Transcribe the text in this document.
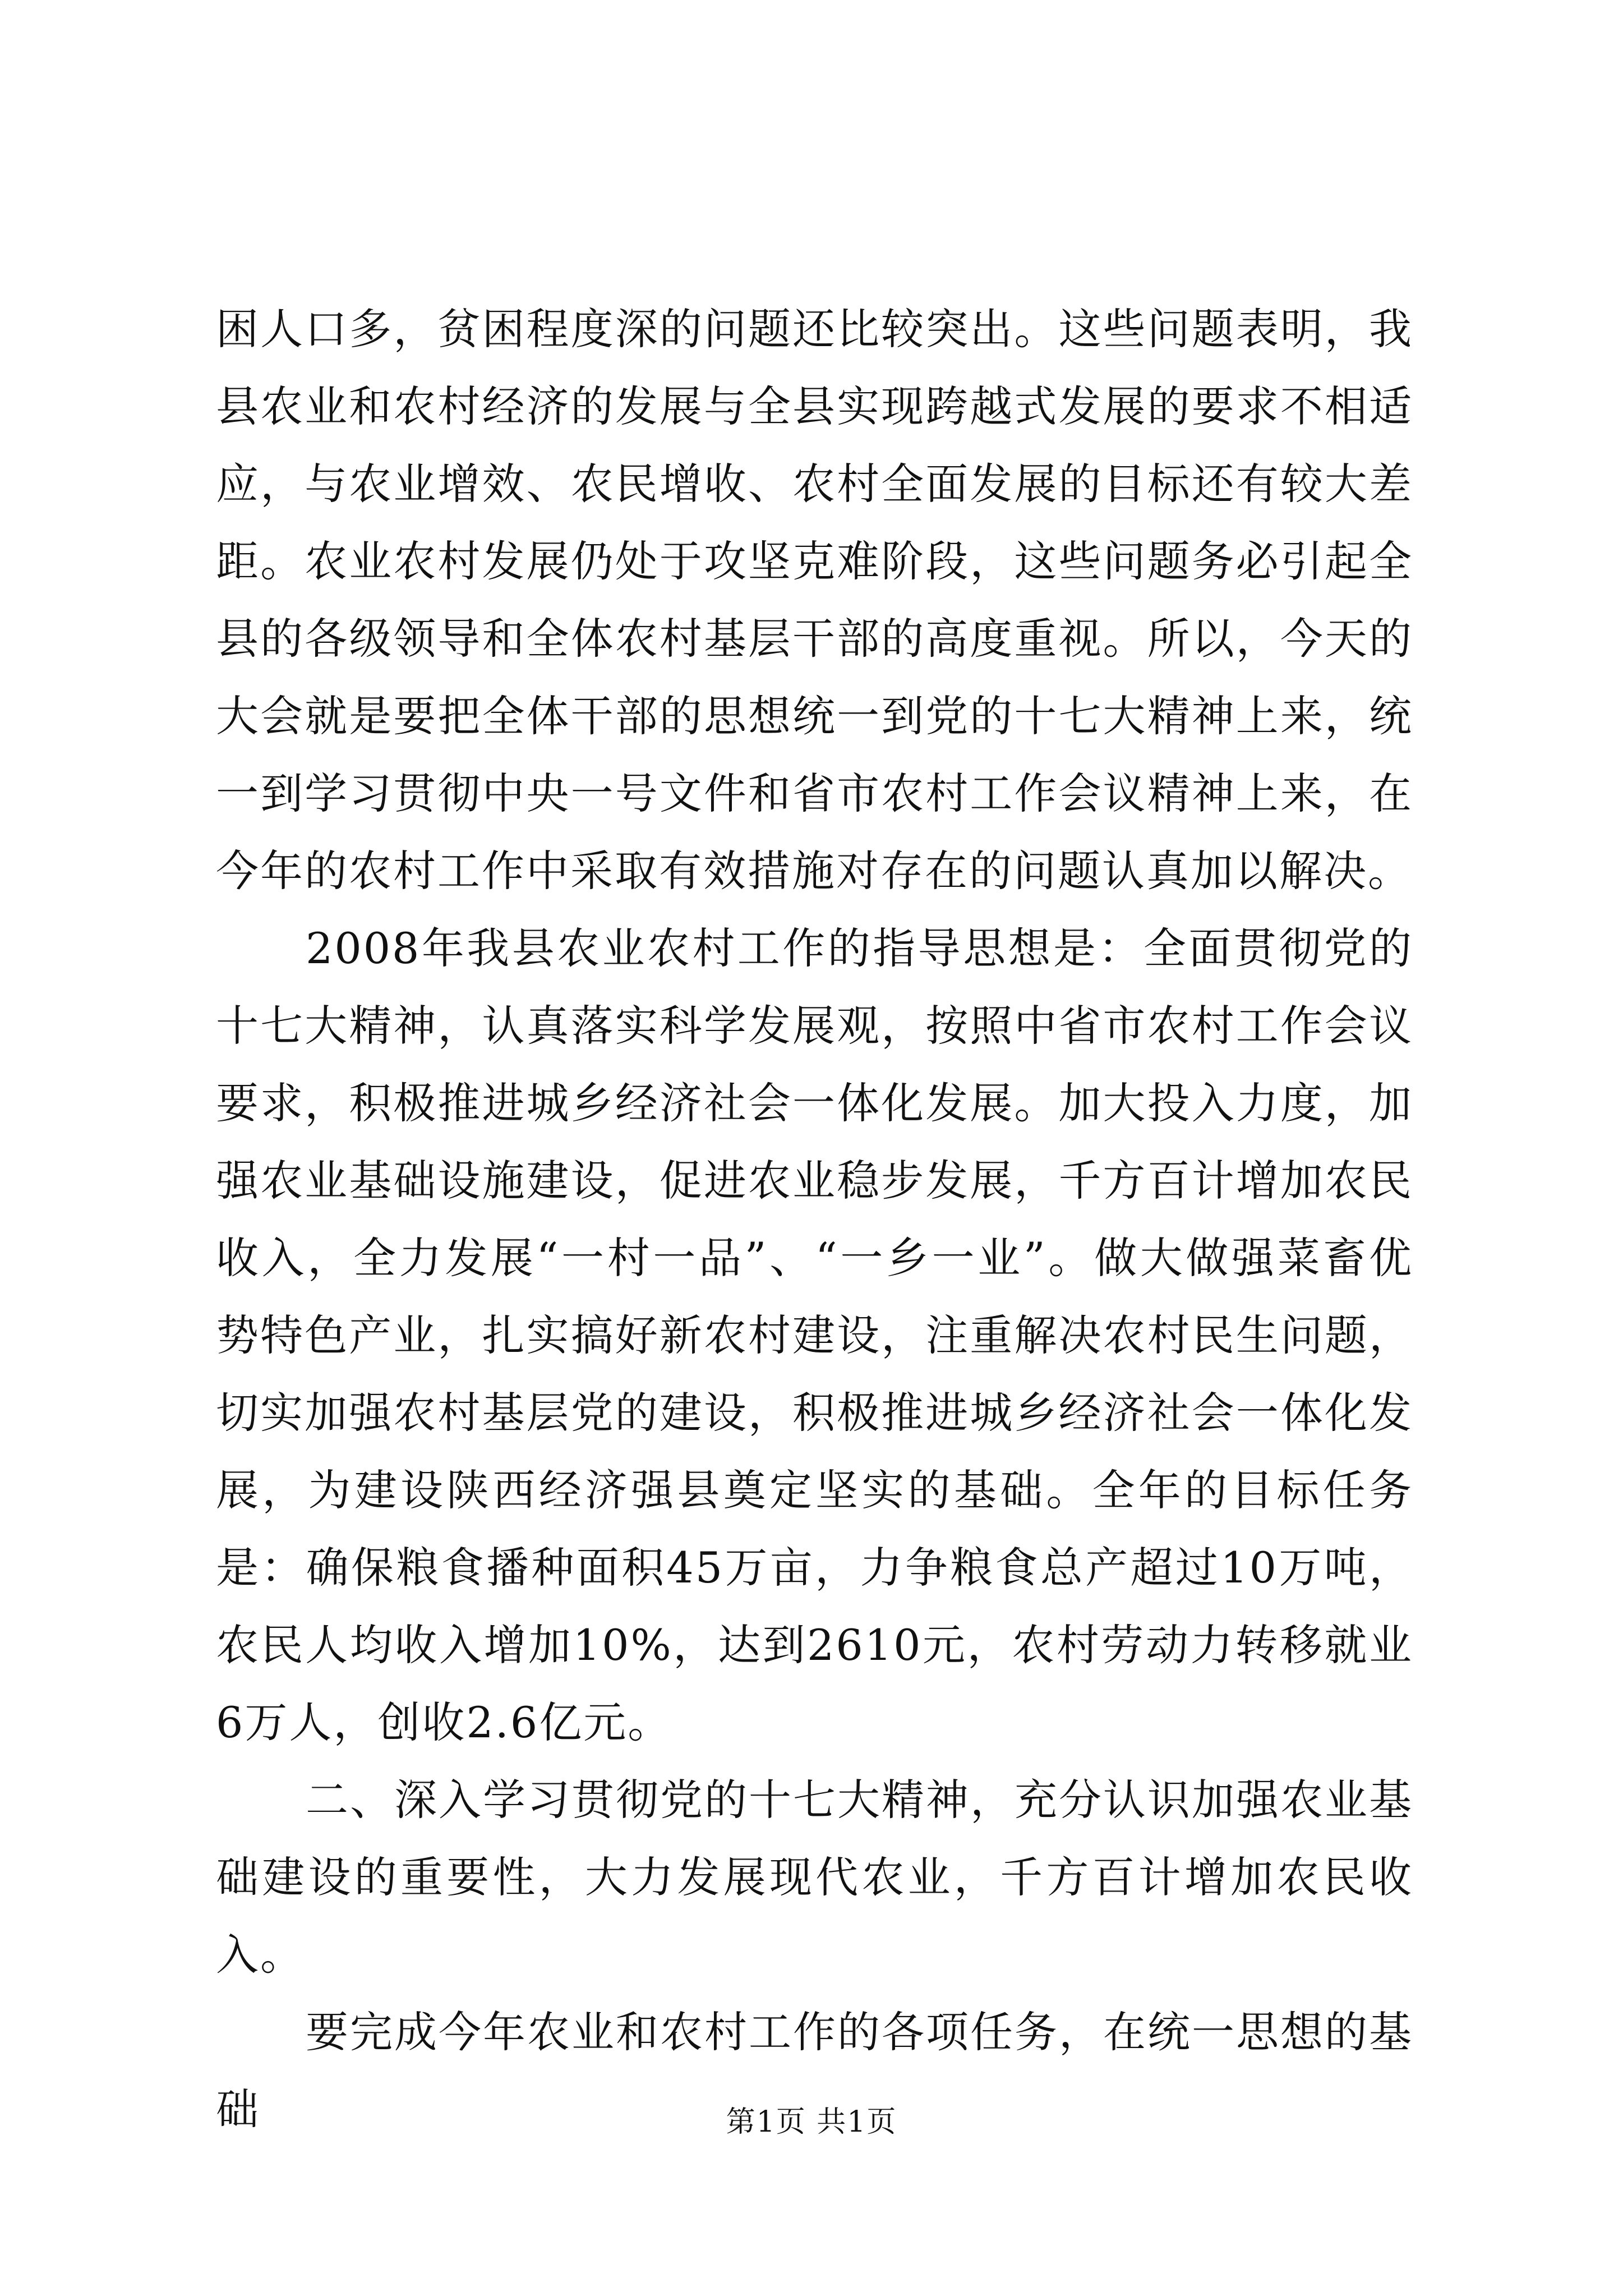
困人口多，贫困程度深的问题还比较突出。这些问题表明，我县农业和农村经济的发展与全县实现跨越式发展的要求不相适应，与农业增效、农民增收、农村全面发展的目标还有较大差距。农业农村发展仍处于攻坚克难阶段，这些问题务必引起全县的各级领导和全体农村基层干部的高度重视。所以，今天的大会就是要把全体干部的思想统一到党的十七大精神上来，统一到学习贯彻中央一号文件和省市农村工作会议精神上来，在今年的农村工作中采取有效措施对存在的问题认真加以解决。

2008年我县农业农村工作的指导思想是：全面贯彻党的十七大精神，认真落实科学发展观，按照中省市农村工作会议要求，积极推进城乡经济社会一体化发展。加大投入力度，加强农业基础设施建设，促进农业稳步发展，千方百计增加农民收入，全力发展“一村一品”、“一乡一业”。做大做强菜畜优势特色产业，扎实搞好新农村建设，注重解决农村民生问题，切实加强农村基层党的建设，积极推进城乡经济社会一体化发展，为建设陕西经济强县奠定坚实的基础。全年的目标任务是：确保粮食播种面积45万亩，力争粮食总产超过10万吨，农民人均收入增加10%，达到2610元，农村劳动力转移就业6万人，创收2.6亿元。

二、深入学习贯彻党的十七大精神，充分认识加强农业基础建设的重要性，大力发展现代农业，千方百计增加农民收入。

要完成今年农业和农村工作的各项任务，在统一思想的基础	第1页 共1页
